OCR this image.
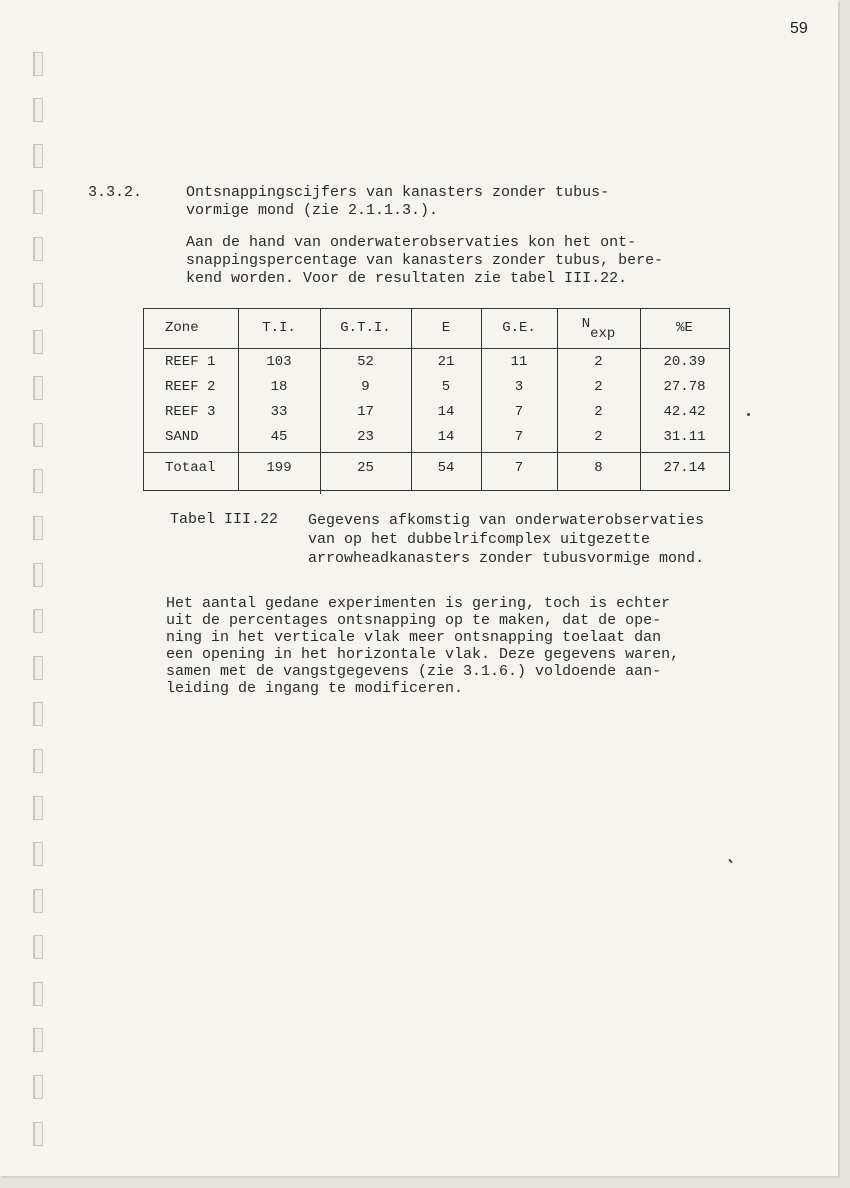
59
3.3.2.	Ontsnappingscijfers van kanasters zonder tubus-
vormige mond (zie 2.1.1.3.).
Aan de hand van onderwaterobservaties kon het ont-
snappingspercentage van kanasters zonder tubus, bere-
kend worden. Voor de resultaten zie tabel III.22.
Zone	T.I.	G.T.I.	E	G.E.	Nexp	%E
REEF 1	103	52	21	11	2	20.39
REEF 2	18	9	5	3	2	27.78
REEF 3	33	17	14	7	2	42.42
SAND	45	23	14	7	2	31.11
Totaal	199	25	54	7	8	27.14
Tabel III.22 Gegevens afkomstig van onderwaterobservaties
van op het dubbelrifcomplex uitgezette
arrowheadkanasters zonder tubusvormige mond.
Het aantal gedane experimenten is gering, toch is echter
uit de percentages ontsnapping op te maken, dat de ope-
ning in het verticale vlak meer ontsnapping toelaat dan
een opening in het horizontale vlak. Deze gegevens waren,
samen met de vangstgegevens (zie 3.1.6.) voldoende aan-
leiding de ingang te modificeren.
